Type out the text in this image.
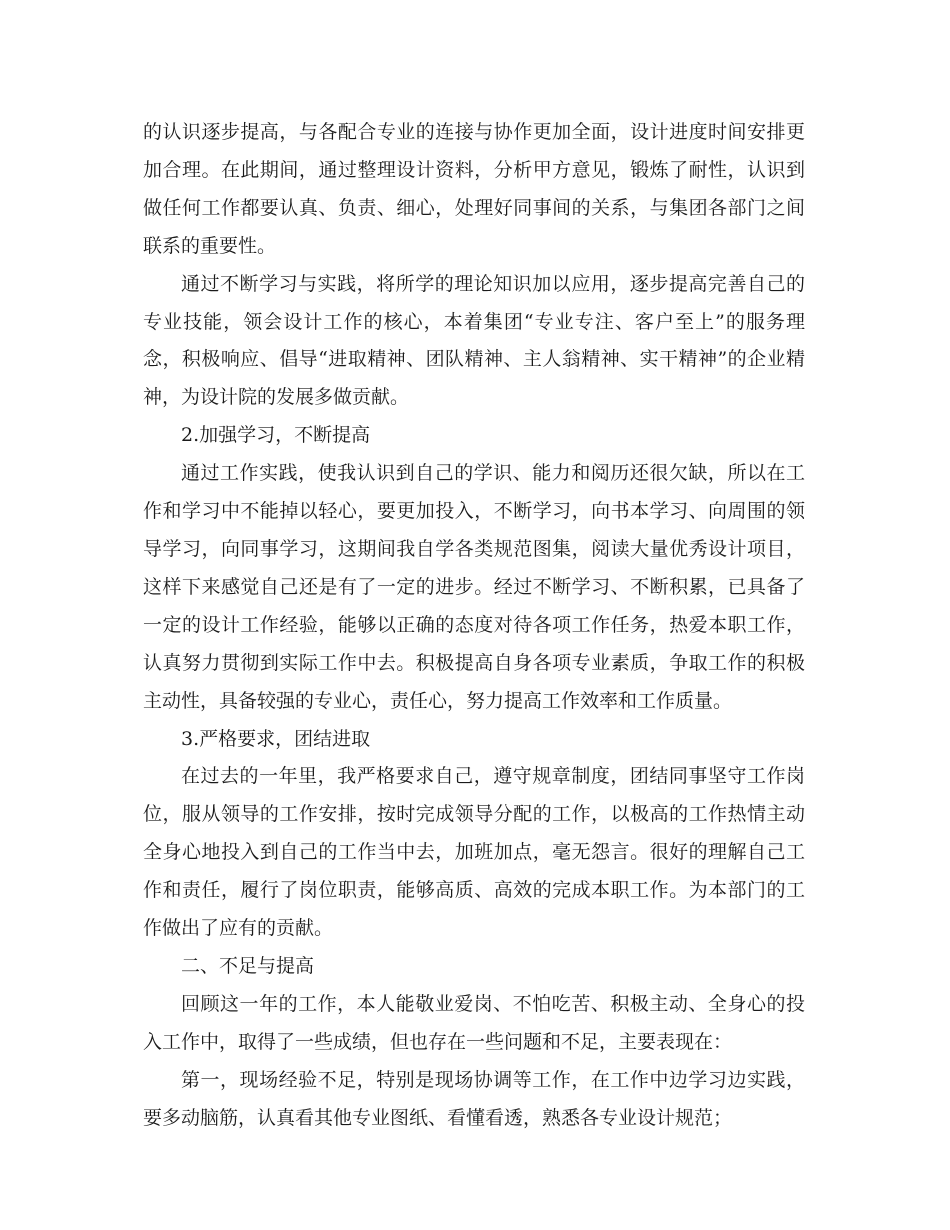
的认识逐步提高，与各配合专业的连接与协作更加全面，设计进度时间安排更加合理。在此期间，通过整理设计资料，分析甲方意见，锻炼了耐性，认识到做任何工作都要认真、负责、细心，处理好同事间的关系，与集团各部门之间联系的重要性。

通过不断学习与实践，将所学的理论知识加以应用，逐步提高完善自己的专业技能，领会设计工作的核心，本着集团“专业专注、客户至上”的服务理念，积极响应、倡导“进取精神、团队精神、主人翁精神、实干精神”的企业精神，为设计院的发展多做贡献。

2.加强学习，不断提高

通过工作实践，使我认识到自己的学识、能力和阅历还很欠缺，所以在工作和学习中不能掉以轻心，要更加投入，不断学习，向书本学习、向周围的领导学习，向同事学习，这期间我自学各类规范图集，阅读大量优秀设计项目，这样下来感觉自己还是有了一定的进步。经过不断学习、不断积累，已具备了一定的设计工作经验，能够以正确的态度对待各项工作任务，热爱本职工作，认真努力贯彻到实际工作中去。积极提高自身各项专业素质，争取工作的积极主动性，具备较强的专业心，责任心，努力提高工作效率和工作质量。

3.严格要求，团结进取

在过去的一年里，我严格要求自己，遵守规章制度，团结同事坚守工作岗位，服从领导的工作安排，按时完成领导分配的工作，以极高的工作热情主动全身心地投入到自己的工作当中去，加班加点，毫无怨言。很好的理解自己工作和责任，履行了岗位职责，能够高质、高效的完成本职工作。为本部门的工作做出了应有的贡献。

二、不足与提高

回顾这一年的工作，本人能敬业爱岗、不怕吃苦、积极主动、全身心的投入工作中，取得了一些成绩，但也存在一些问题和不足，主要表现在：

第一，现场经验不足，特别是现场协调等工作，在工作中边学习边实践，要多动脑筋，认真看其他专业图纸、看懂看透，熟悉各专业设计规范；
